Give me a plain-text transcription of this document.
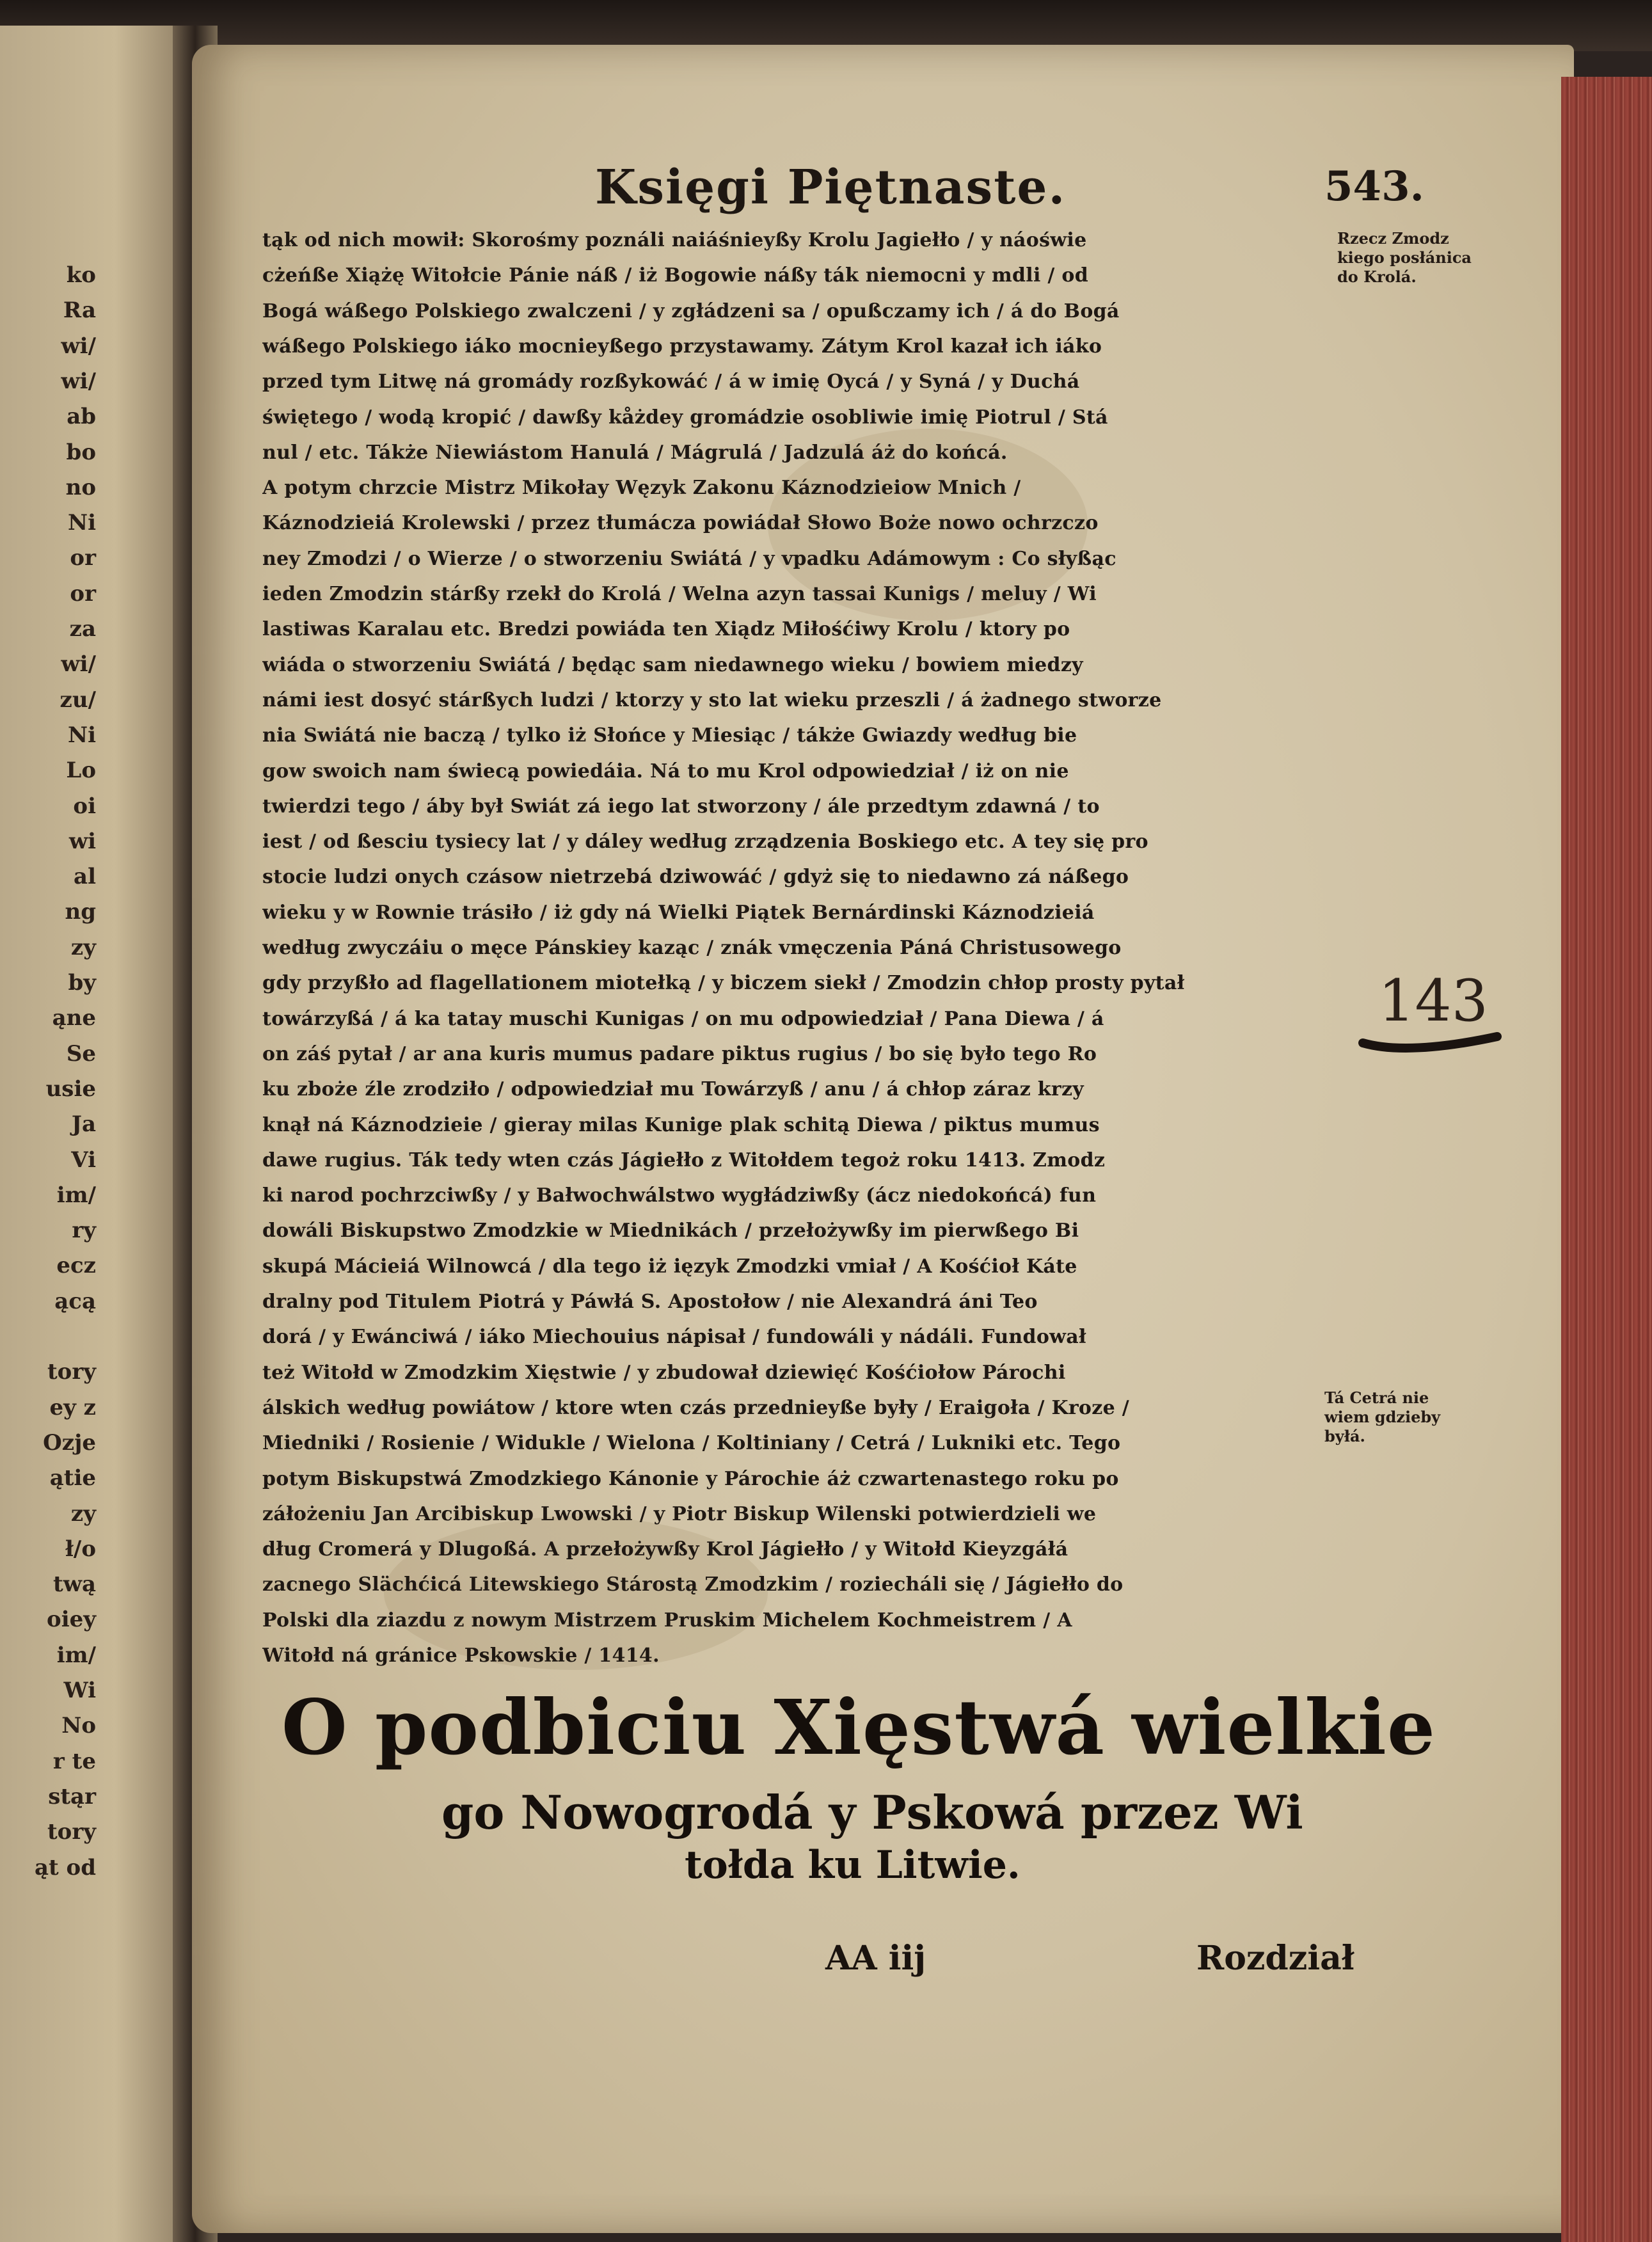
ko
Ra
wi/
wi/
ab
bo
no
Ni
or
or
za
wi/
zu/
Ni
Lo
oi
wi
al
ng
zy
by
ąne
Se
usie
Ja
Vi
im/
ry
ecz
ącą
tory
ey z
Ozje
ątie
zy
ł/o
twą
oiey
im/
Wi
No
r te
stąr
tory
ąt od
Księgi Piętnaste.	543.
tąk od nich mowił: Skorośmy poználi naiáśnieyßy Krolu Jagiełło / y náoświe
cżeńße Xiążę Witołcie Pánie náß / iż Bogowie náßy ták niemocni y mdli / od
Bogá wáßego Polskiego zwalczeni / y zgłádzeni sa / opußczamy ich / á do Bogá
wáßego Polskiego iáko mocnieyßego przystawamy. Zátym Krol kazał ich iáko
przed tym Litwę ná gromády rozßykowáć / á w imię Oycá / y Syná / y Duchá
świętego / wodą kropić / dawßy kåżdey gromádzie osobliwie imię Piotrul / Stá
nul / etc. Tákże Niewiástom Hanulá / Mágrulá / Jadzulá áż do końcá.
A potym chrzcie Mistrz Mikołay Węzyk Zakonu Káznodzieiow Mnich /
Káznodzieiá Krolewski / przez tłumácza powiádał Słowo Boże nowo ochrzczo
ney Zmodzi / o Wierze / o stworzeniu Swiátá / y vpadku Adámowym : Co słyßąc
ieden Zmodzin stárßy rzekł do Krolá / Welna azyn tassai Kunigs / meluy / Wi
lastiwas Karalau etc. Bredzi powiáda ten Xiądz Miłośćiwy Krolu / ktory po
wiáda o stworzeniu Swiátá / będąc sam niedawnego wieku / bowiem miedzy
námi iest dosyć stárßych ludzi / ktorzy y sto lat wieku przeszli / á żadnego stworze
nia Swiátá nie baczą / tylko iż Słońce y Miesiąc / tákże Gwiazdy według bie
gow swoich nam świecą powiedáia. Ná to mu Krol odpowiedział / iż on nie
twierdzi tego / áby był Swiát zá iego lat stworzony / ále przedtym zdawná / to
iest / od ßesciu tysiecy lat / y dáley według zrządzenia Boskiego etc. A tey się pro
stocie ludzi onych czásow nietrzebá dziwowáć / gdyż się to niedawno zá náßego
wieku y w Rownie trásiło / iż gdy ná Wielki Piątek Bernárdinski Káznodzieiá
według zwyczáiu o męce Pánskiey kaząc / znák vmęczenia Páná Christusowego
gdy przyßło ad flagellationem miotełką / y biczem siekł / Zmodzin chłop prosty pytał
towárzyßá / á ka tatay muschi Kunigas / on mu odpowiedział / Pana Diewa / á
on záś pytał / ar ana kuris mumus padare piktus rugius / bo się było tego Ro
ku zboże źle zrodziło / odpowiedział mu Towárzyß / anu / á chłop záraz krzy
knął ná Káznodzieie / gieray milas Kunige plak schitą Diewa / piktus mumus
dawe rugius. Ták tedy wten czás Jágiełło z Witołdem tegoż roku 1413. Zmodz
ki narod pochrzciwßy / y Bałwochwálstwo wygłádziwßy (ácz niedokońcá) fun
dowáli Biskupstwo Zmodzkie w Miednikách / przełożywßy im pierwßego Bi
skupá Mácieiá Wilnowcá / dla tego iż ięzyk Zmodzki vmiał / A Kośćioł Káte
dralny pod Titulem Piotrá y Páwłá S. Apostołow / nie Alexandrá áni Teo
dorá / y Ewánciwá / iáko Miechouius nápisał / fundowáli y nádáli. Fundował
też Witołd w Zmodzkim Xięstwie / y zbudował dziewięć Kośćiołow Párochi
álskich według powiátow / ktore wten czás przednieyße były / Eraigoła / Kroze /
Miedniki / Rosienie / Widukle / Wielona / Koltiniany / Cetrá / Lukniki etc. Tego
potym Biskupstwá Zmodzkiego Kánonie y Párochie áż czwartenastego roku po
záłożeniu Jan Arcibiskup Lwowski / y Piotr Biskup Wilenski potwierdzieli we
dług Cromerá y Dlugoßá. A przełożywßy Krol Jágiełło / y Witołd Kieyzgáłá
zacnego Slächćicá Litewskiego Stárostą Zmodzkim / roziecháli się / Jágiełło do
Polski dla ziazdu z nowym Mistrzem Pruskim Michelem Kochmeistrem / A
Witołd ná gránice Pskowskie / 1414.
Rzecz Zmodz
kiego posłánica
do Krolá.
Tá Cetrá nie
wiem gdzieby
byłá.
143
O podbiciu Xięstwá wielkie
go Nowogrodá y Pskowá przez Wi
tołda ku Litwie.
AA iij	Rozdział
